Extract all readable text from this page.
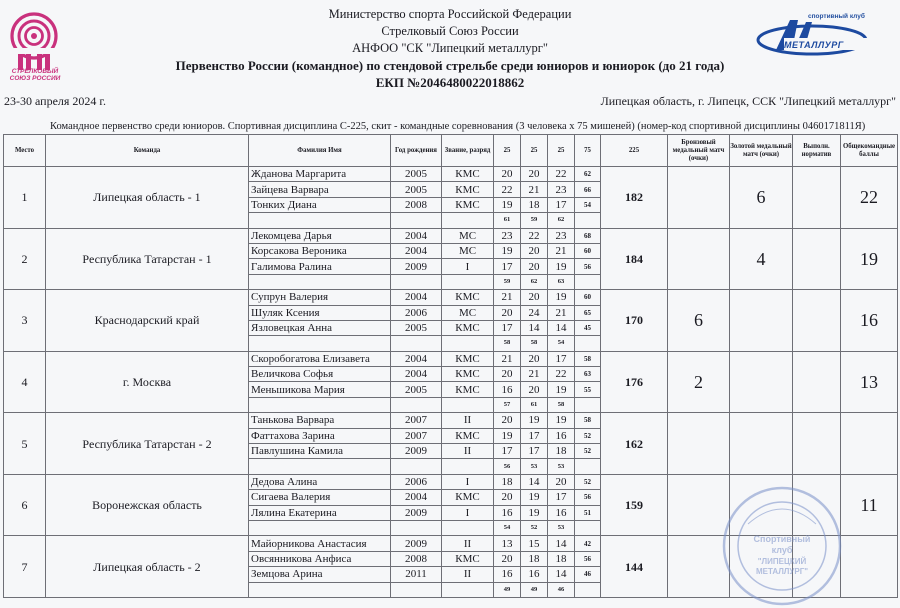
СТРЕЛКОВЫЙ СОЮЗ РОССИИ
Министерство спорта Российской Федерации
Стрелковый Союз России
АНФОО "СК "Липецкий металлург"
Первенство России (командное) по стендовой стрельбе среди юниоров и юниорок (до 21 года)
ЕКП №2046480022018862
спортивный клуб
МЕТАЛЛУРГ
23-30 апреля 2024 г.	Липецкая область, г. Липецк, ССК "Липецкий металлург"
Командное первенство среди юниоров. Спортивная дисциплина С-225, скит - командные соревнования (3 человека х 75 мишеней) (номер-код спортивной дисциплины 0460171811Я)
Место	Команда	Фамилия Имя	Год рождения	Звание, разряд	25	25	25	75	225	Бронзовый медальный матч (очки)	Золотой медальный матч (очки)	Выполн. норматив	Общекомандные баллы
1	Липецкая область - 1	Жданова Маргарита	2005	КМС	20	20	22	62	182		6		22
		Зайцева Варвара	2005	КМС	22	21	23	66					
		Тонких Диана	2008	КМС	19	18	17	54					
					61	59	62						
2	Республика Татарстан - 1	Лекомцева Дарья	2004	МС	23	22	23	68	184		4		19
		Корсакова Вероника	2004	МС	19	20	21	60					
		Галимова Ралина	2009	I	17	20	19	56					
					59	62	63						
3	Краснодарский край	Супрун Валерия	2004	КМС	21	20	19	60	170	6			16
		Шуляк Ксения	2006	МС	20	24	21	65					
		Язловецкая Анна	2005	КМС	17	14	14	45					
					58	58	54						
4	г. Москва	Скоробогатова Елизавета	2004	КМС	21	20	17	58	176	2			13
		Величкова Софья	2004	КМС	20	21	22	63					
		Меньшикова Мария	2005	КМС	16	20	19	55					
					57	61	58						
5	Республика Татарстан - 2	Танькова Варвара	2007	II	20	19	19	58	162				
		Фаттахова Зарина	2007	КМС	19	17	16	52					
		Павлушина Камила	2009	II	17	17	18	52					
					56	53	53						
6	Воронежская область	Дедова Алина	2006	I	18	14	20	52	159				11
		Сигаева Валерия	2004	КМС	20	19	17	56					
		Лялина Екатерина	2009	I	16	19	16	51					
					54	52	53						
7	Липецкая область - 2	Майорникова Анастасия	2009	II	13	15	14	42	144				
		Овсянникова Анфиса	2008	КМС	20	18	18	56					
		Земцова Арина	2011	II	16	16	14	46					
					49	49	46						
Спортивный
клуб
"ЛИПЕЦКИЙ
МЕТАЛЛУРГ"
